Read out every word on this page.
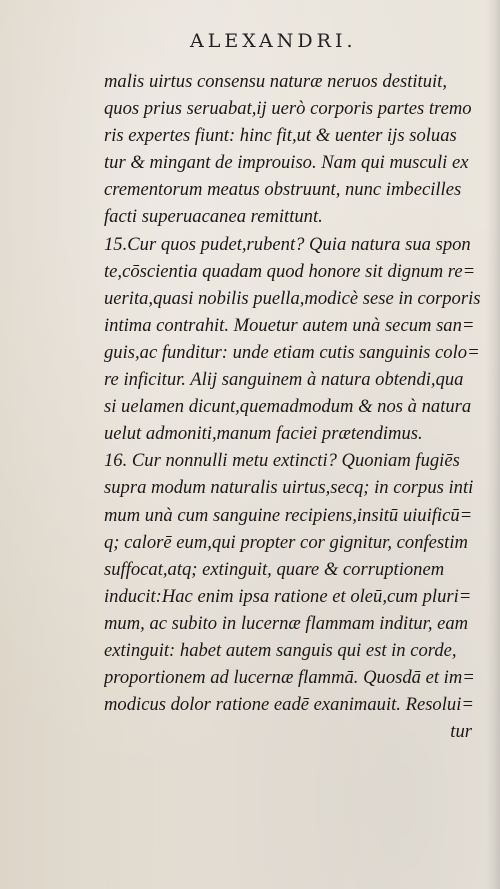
ALEXANDRI.
malis uirtus consensu naturæ neruos destituit,
quos prius seruabat,ij uerò corporis partes tremo
ris expertes fiunt: hinc fit,ut & uenter ijs soluas
tur & mingant de improuiso. Nam qui musculi ex
crementorum meatus obstruunt, nunc imbecilles
facti superuacanea remittunt.
15.Cur quos pudet,rubent? Quia natura sua spon
te,cōscientia quadam quod honore sit dignum re=
uerita,quasi nobilis puella,modicè sese in corporis
intima contrahit. Mouetur autem unà secum san=
guis,ac funditur: unde etiam cutis sanguinis colo=
re inficitur. Alij sanguinem à natura obtendi,qua
si uelamen dicunt,quemadmodum & nos à natura
uelut admoniti,manum faciei prætendimus.
16. Cur nonnulli metu extincti? Quoniam fugiēs
supra modum naturalis uirtus,secq; in corpus inti
mum unà cum sanguine recipiens,insitū uiuificū=
q; calorē eum,qui propter cor gignitur, confestim
suffocat,atq; extinguit, quare & corruptionem
inducit:Hac enim ipsa ratione et oleū,cum pluri=
mum, ac subito in lucernæ flammam inditur, eam
extinguit: habet autem sanguis qui est in corde,
proportionem ad lucernæ flammā. Quosdā et im=
modicus dolor ratione eadē exanimauit. Resolui=
tur
